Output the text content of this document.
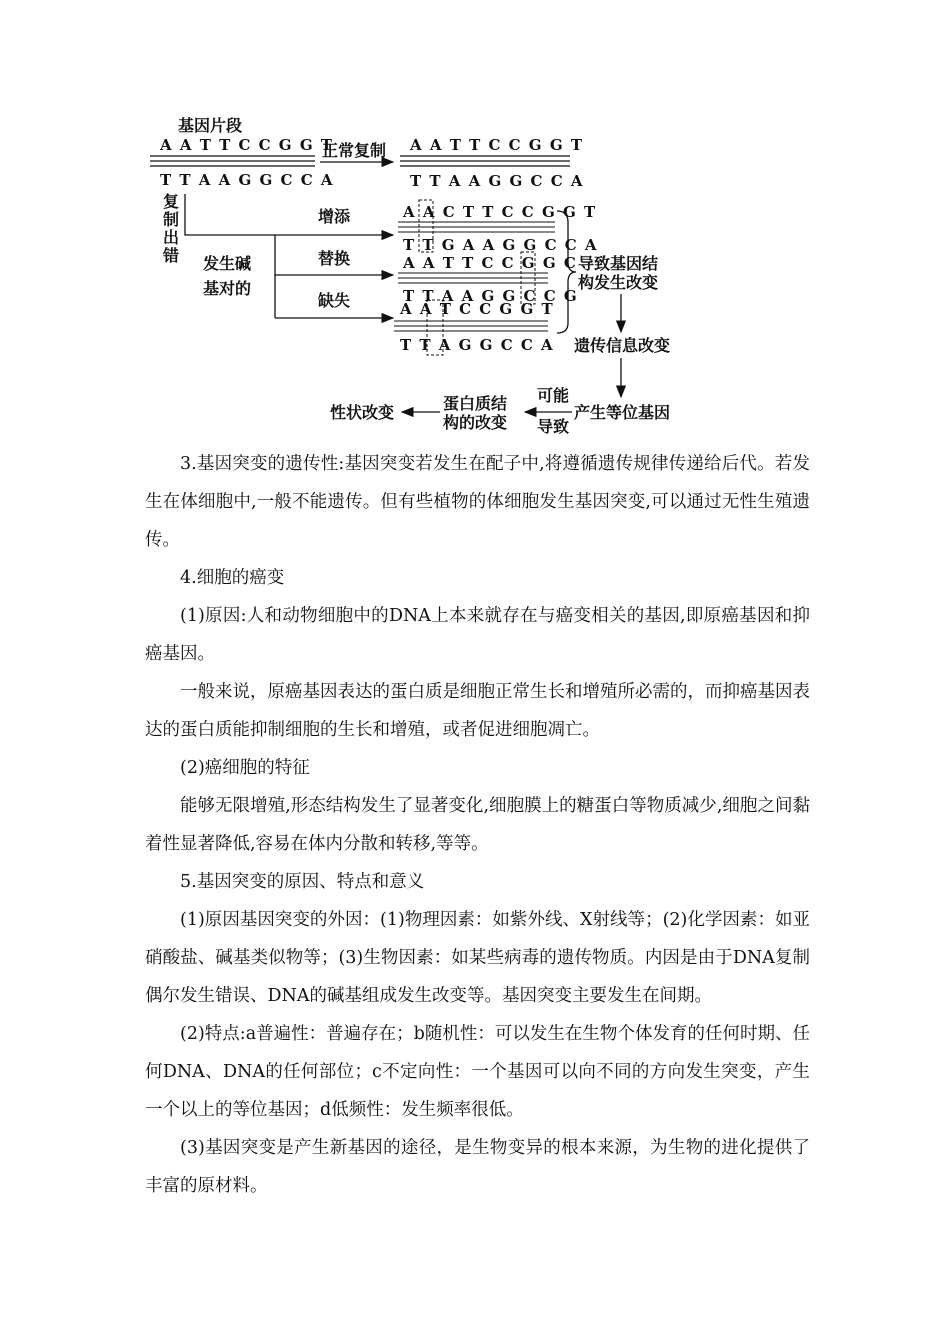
基因片段
A A T T C C G G T
T T A A G G C C A
正常复制 A A T T C C G G T
T T A A G G C C A
复
制
出
错 发生碱
基对的
增添
替换
缺失
A A C T T C C G G T
T T G A A G G C C A
A A T T C C G G C
T T A A G G C C G
A A T C C G G T
T T A G G C C A
导致基因结
构发生改变
遗传信息改变
产生等位基因
可能
导致
蛋白质结
构的改变
性状改变

3.基因突变的遗传性:基因突变若发生在配子中,将遵循遗传规律传递给后代。若发生在体细胞中,一般不能遗传。但有些植物的体细胞发生基因突变,可以通过无性生殖遗传。

4.细胞的癌变

(1)原因:人和动物细胞中的DNA上本来就存在与癌变相关的基因,即原癌基因和抑癌基因。

一般来说，原癌基因表达的蛋白质是细胞正常生长和增殖所必需的，而抑癌基因表达的蛋白质能抑制细胞的生长和增殖，或者促进细胞凋亡。

(2)癌细胞的特征

能够无限增殖,形态结构发生了显著变化,细胞膜上的糖蛋白等物质减少,细胞之间黏着性显著降低,容易在体内分散和转移,等等。

5.基因突变的原因、特点和意义

(1)原因基因突变的外因：(1)物理因素：如紫外线、X射线等；(2)化学因素：如亚硝酸盐、碱基类似物等；(3)生物因素：如某些病毒的遗传物质。内因是由于DNA复制偶尔发生错误、DNA的碱基组成发生改变等。基因突变主要发生在间期。

(2)特点:a普遍性：普遍存在；b随机性：可以发生在生物个体发育的任何时期、任何DNA、DNA的任何部位；c不定向性：一个基因可以向不同的方向发生突变，产生一个以上的等位基因；d低频性：发生频率很低。

(3)基因突变是产生新基因的途径，是生物变异的根本来源，为生物的进化提供了丰富的原材料。
